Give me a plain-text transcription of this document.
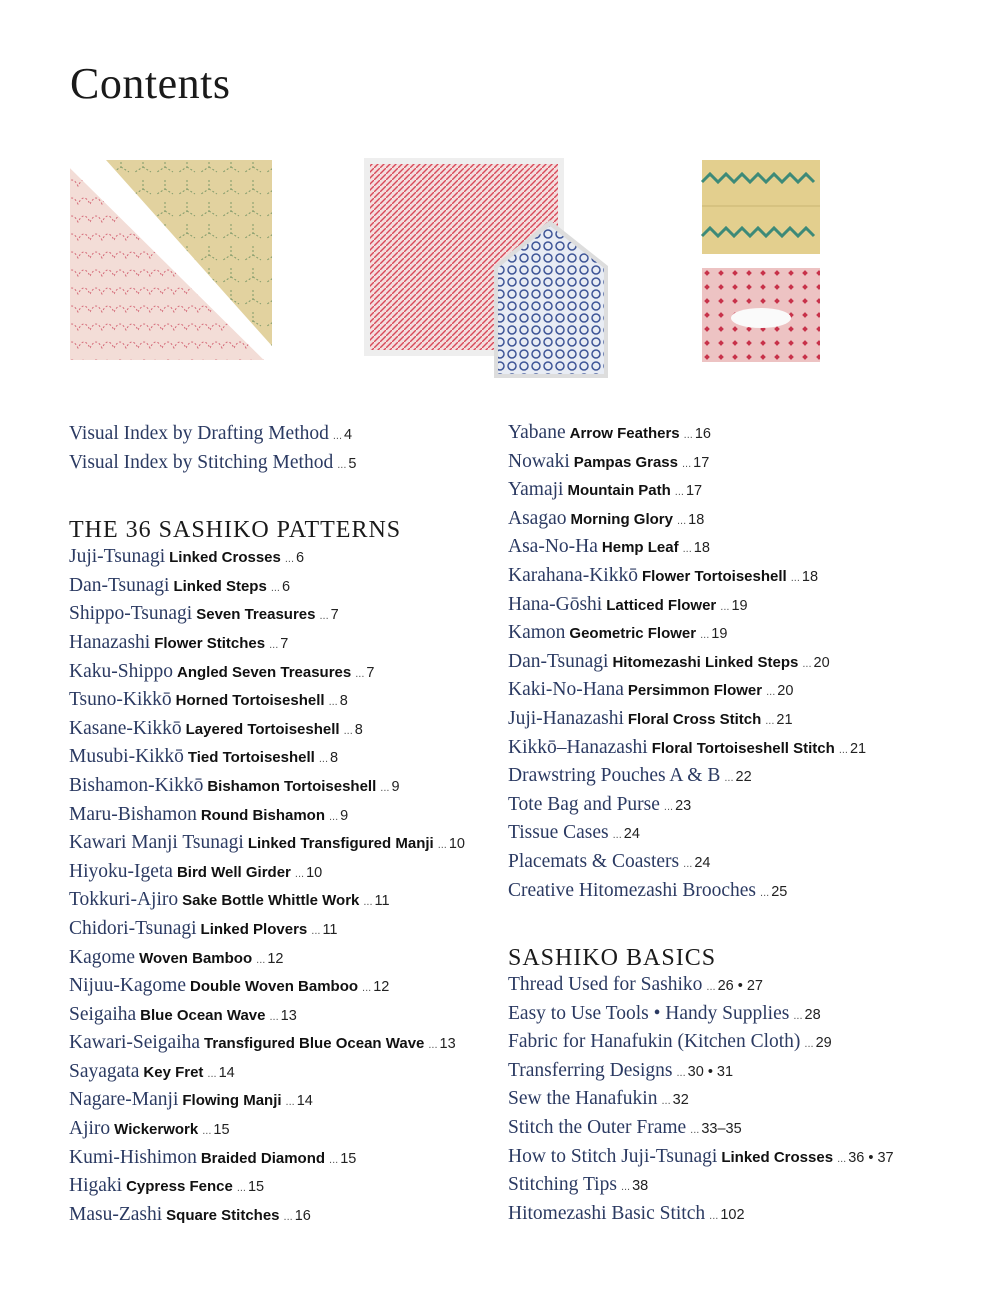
Contents
Visual Index by Drafting Method ... 4
Visual Index by Stitching Method ... 5
THE 36 SASHIKO PATTERNS
Juji-Tsunagi Linked Crosses ... 6
Dan-Tsunagi Linked Steps ... 6
Shippo-Tsunagi Seven Treasures ... 7
Hanazashi Flower Stitches ... 7
Kaku-Shippo Angled Seven Treasures ... 7
Tsuno-Kikkō Horned Tortoiseshell ... 8
Kasane-Kikkō Layered Tortoiseshell ... 8
Musubi-Kikkō Tied Tortoiseshell ... 8
Bishamon-Kikkō Bishamon Tortoiseshell ... 9
Maru-Bishamon Round Bishamon ... 9
Kawari Manji Tsunagi Linked Transfigured Manji ... 10
Hiyoku-Igeta Bird Well Girder ... 10
Tokkuri-Ajiro Sake Bottle Whittle Work ... 11
Chidori-Tsunagi Linked Plovers ... 11
Kagome Woven Bamboo ... 12
Nijuu-Kagome Double Woven Bamboo ... 12
Seigaiha Blue Ocean Wave ... 13
Kawari-Seigaiha Transfigured Blue Ocean Wave ... 13
Sayagata Key Fret ... 14
Nagare-Manji Flowing Manji ... 14
Ajiro Wickerwork ... 15
Kumi-Hishimon Braided Diamond ... 15
Higaki Cypress Fence ... 15
Masu-Zashi Square Stitches ... 16
Yabane Arrow Feathers ... 16
Nowaki Pampas Grass ... 17
Yamaji Mountain Path ... 17
Asagao Morning Glory ... 18
Asa-No-Ha Hemp Leaf ... 18
Karahana-Kikkō Flower Tortoiseshell ... 18
Hana-Gōshi Latticed Flower ... 19
Kamon Geometric Flower ... 19
Dan-Tsunagi Hitomezashi Linked Steps ... 20
Kaki-No-Hana Persimmon Flower ... 20
Juji-Hanazashi Floral Cross Stitch ... 21
Kikkō–Hanazashi Floral Tortoiseshell Stitch ... 21
Drawstring Pouches A & B ... 22
Tote Bag and Purse ... 23
Tissue Cases ... 24
Placemats & Coasters ... 24
Creative Hitomezashi Brooches ... 25
SASHIKO BASICS
Thread Used for Sashiko ... 26 • 27
Easy to Use Tools • Handy Supplies ... 28
Fabric for Hanafukin (Kitchen Cloth) ... 29
Transferring Designs ... 30 • 31
Sew the Hanafukin ... 32
Stitch the Outer Frame ... 33–35
How to Stitch Juji-Tsunagi Linked Crosses ... 36 • 37
Stitching Tips ... 38
Hitomezashi Basic Stitch ... 102
